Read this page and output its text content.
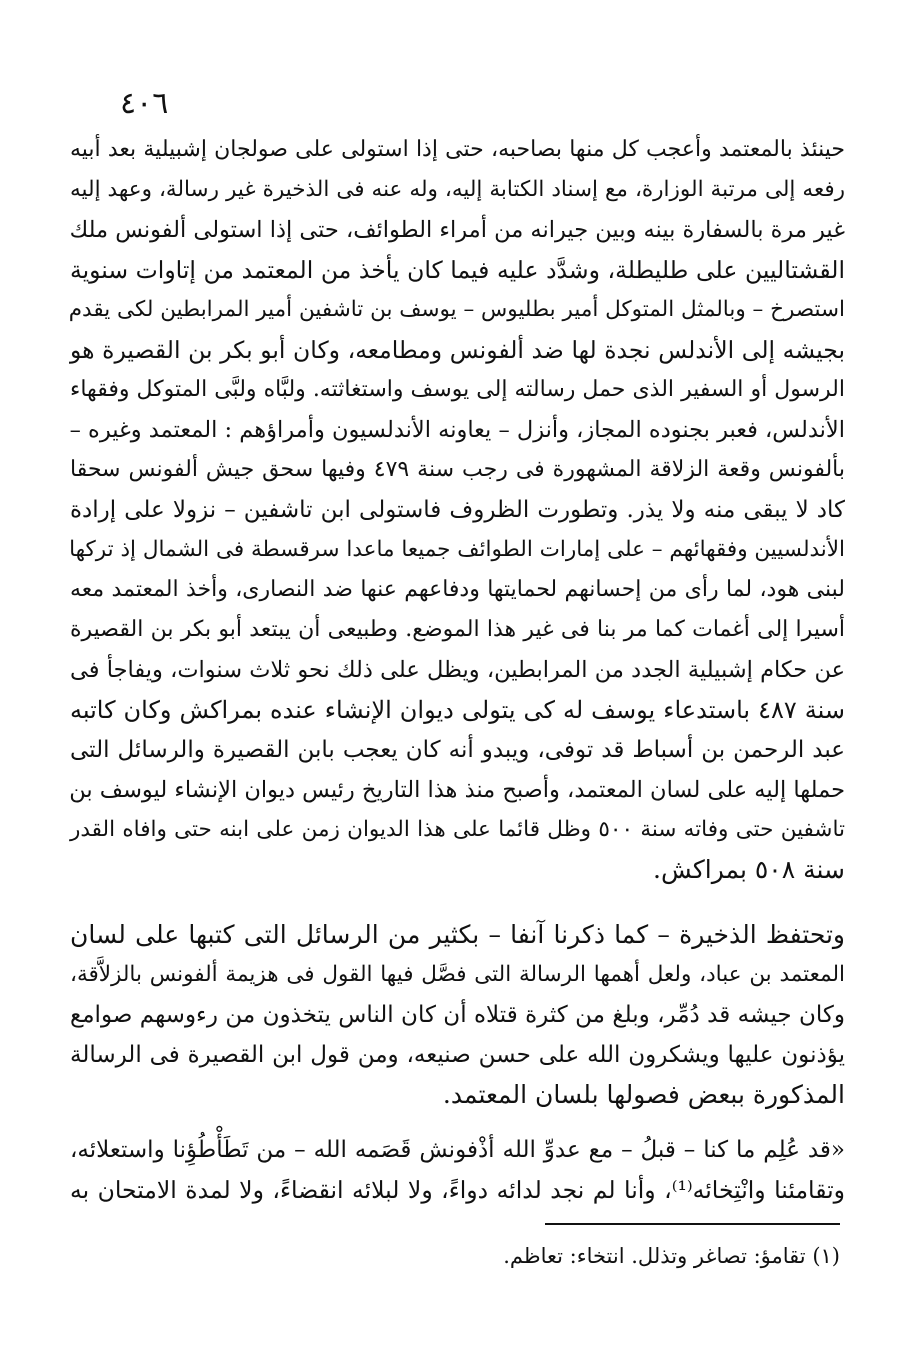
٤٠٦
حينئذ بالمعتمد وأعجب كل منها بصاحبه، حتى إذا استولى على صولجان إشبيلية بعد أبيه
رفعه إلى مرتبة الوزارة، مع إسناد الكتابة إليه، وله عنه فى الذخيرة غير رسالة، وعهد إليه
غير مرة بالسفارة بينه وبين جيرانه من أمراء الطوائف، حتى إذا استولى ألفونس ملك
القشتاليين على طليطلة، وشدَّد عليه فيما كان يأخذ من المعتمد من إتاوات سنوية
استصرخ – وبالمثل المتوكل أمير بطليوس – يوسف بن تاشفين أمير المرابطين لكى يقدم
بجيشه إلى الأندلس نجدة لها ضد ألفونس ومطامعه، وكان أبو بكر بن القصيرة هو
الرسول أو السفير الذى حمل رسالته إلى يوسف واستغاثته. ولبَّاه ولبَّى المتوكل وفقهاء
الأندلس، فعبر بجنوده المجاز، وأنزل – يعاونه الأندلسيون وأمراؤهم : المعتمد وغيره –
بألفونس وقعة الزلاقة المشهورة فى رجب سنة ٤٧٩ وفيها سحق جيش ألفونس سحقا
كاد لا يبقى منه ولا يذر. وتطورت الظروف فاستولى ابن تاشفين – نزولا على إرادة
الأندلسيين وفقهائهم – على إمارات الطوائف جميعا ماعدا سرقسطة فى الشمال إذ تركها
لبنى هود، لما رأى من إحسانهم لحمايتها ودفاعهم عنها ضد النصارى، وأخذ المعتمد معه
أسيرا إلى أغمات كما مر بنا فى غير هذا الموضع. وطبيعى أن يبتعد أبو بكر بن القصيرة
عن حكام إشبيلية الجدد من المرابطين، ويظل على ذلك نحو ثلاث سنوات، ويفاجأ فى
سنة ٤٨٧ باستدعاء يوسف له كى يتولى ديوان الإنشاء عنده بمراكش وكان كاتبه
عبد الرحمن بن أسباط قد توفى، ويبدو أنه كان يعجب بابن القصيرة والرسائل التى
حملها إليه على لسان المعتمد، وأصبح منذ هذا التاريخ رئيس ديوان الإنشاء ليوسف بن
تاشفين حتى وفاته سنة ٥٠٠ وظل قائما على هذا الديوان زمن على ابنه حتى وافاه القدر
سنة ٥٠٨ بمراكش.
وتحتفظ الذخيرة – كما ذكرنا آنفا – بكثير من الرسائل التى كتبها على لسان
المعتمد بن عباد، ولعل أهمها الرسالة التى فصَّل فيها القول فى هزيمة ألفونس بالزلاَّقة،
وكان جيشه قد دُمِّر، وبلغ من كثرة قتلاه أن كان الناس يتخذون من رءوسهم صوامع
يؤذنون عليها ويشكرون الله على حسن صنيعه، ومن قول ابن القصيرة فى الرسالة
المذكورة ببعض فصولها بلسان المعتمد.
«قد عُلِم ما كنا – قبلُ – مع عدوِّ الله أذْفونش قَصَمه الله – من تَطَأْطُؤِنا واستعلائه،
وتقامئنا وانْتِخائه⁽¹⁾، وأنا لم نجد لدائه دواءً، ولا لبلائه انقضاءً، ولا لمدة الامتحان به
(١) تقامؤ: تصاغر وتذلل. انتخاء: تعاظم.
